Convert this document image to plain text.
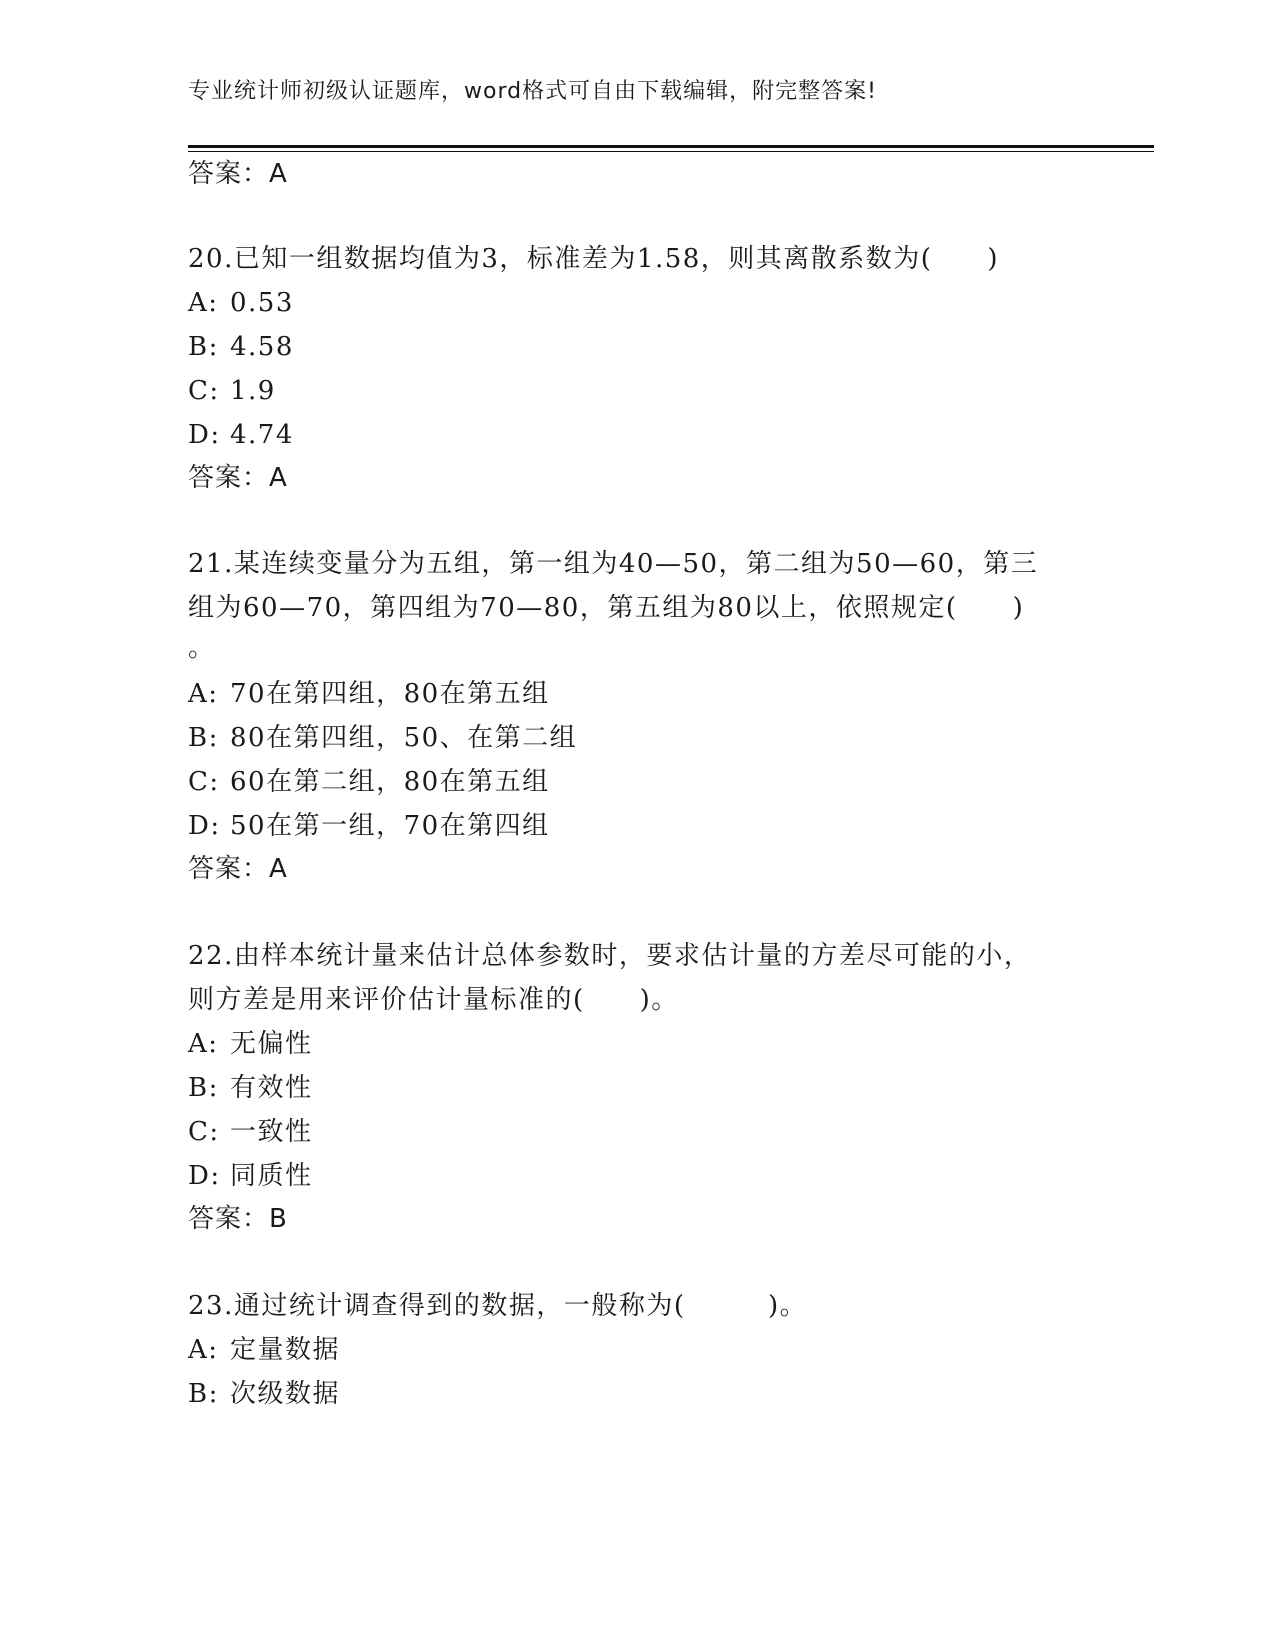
专业统计师初级认证题库，word格式可自由下载编辑，附完整答案!
答案：A
20.已知一组数据均值为3，标准差为1.58，则其离散系数为(　　)
A: 0.53
B: 4.58
C: 1.9
D: 4.74
答案：A
21.某连续变量分为五组，第一组为40—50，第二组为50—60，第三
组为60—70，第四组为70—80，第五组为80以上，依照规定(　　)
。
A: 70在第四组，80在第五组
B: 80在第四组，50、在第二组
C: 60在第二组，80在第五组
D: 50在第一组，70在第四组
答案：A
22.由样本统计量来估计总体参数时，要求估计量的方差尽可能的小，
则方差是用来评价估计量标准的(　　)。
A: 无偏性
B: 有效性
C: 一致性
D: 同质性
答案：B
23.通过统计调查得到的数据，一般称为(　　　)。
A: 定量数据
B: 次级数据
